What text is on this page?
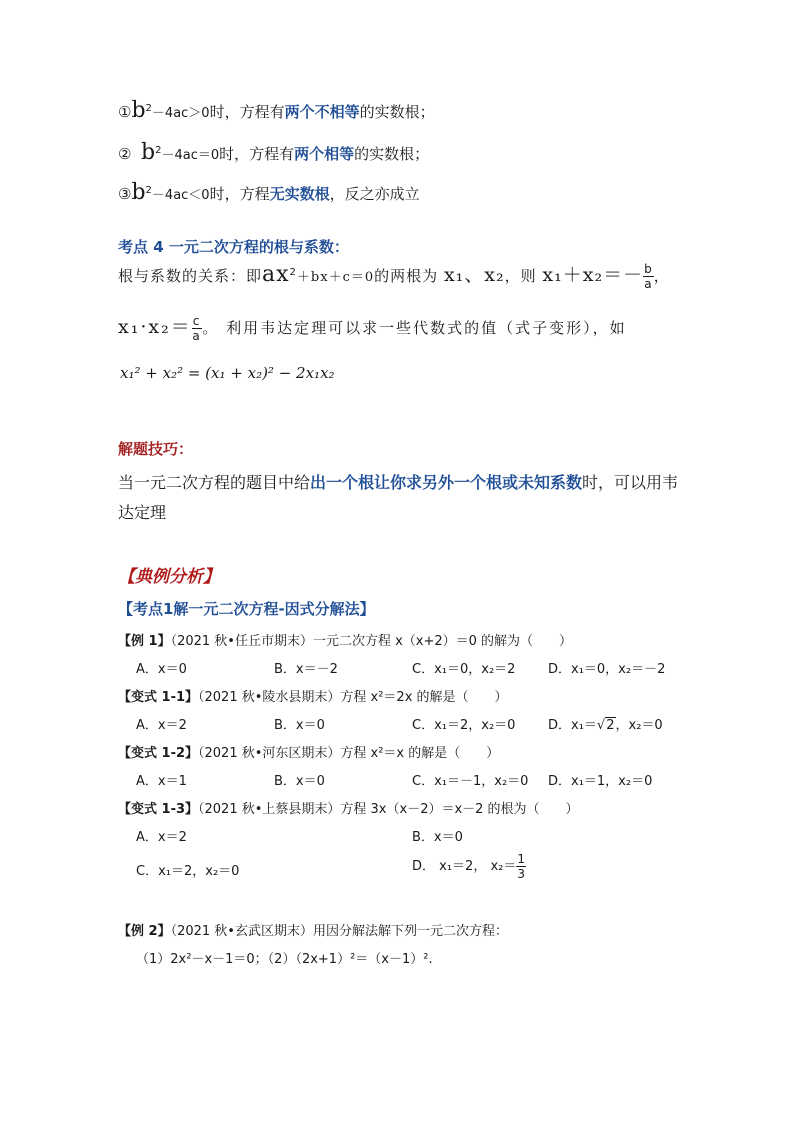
$①b^2-4ac>0$时，方程有两个不相等的实数根；
② $b^2-4ac=0$时，方程有两个相等的实数根；
$③b^2-4ac<0$时，方程无实数根，反之亦成立
考点 4 一元二次方程的根与系数：
根与系数的关系：即$ax^2+bx+c=0$的两根为 x₁、x₂，则 $x_1+x_2=- \frac{b}{a}$ ，
$x_1\cdot x_2= \frac{c}{a}$ 。 利用韦达定理可以求一些代数式的值（式子变形），如
x₁² + x₂² = (x₁ + x₂)² − 2x₁x₂
解题技巧：
当一元二次方程的题目中给出一个根让你求另外一个根或未知系数时，可以用韦
达定理
【典例分析】
【考点1解一元二次方程-因式分解法】
【例 1】（2021 秋•任丘市期末）一元二次方程 x（x+2）＝0 的解为（　　）
A．x＝0	B．x＝－2	C．x₁＝0，x₂＝2	D．x₁＝0，x₂＝－2
【变式 1-1】（2021 秋•陵水县期末）方程 x²＝2x 的解是（　　）
A．x＝2	B．x＝0	C．x₁＝2，x₂＝0	D．x₁＝√2，x₂＝0
【变式 1-2】（2021 秋•河东区期末）方程 x²＝x 的解是（　　）
A．x＝1	B．x＝0	C．x₁＝－1，x₂＝0 D．x₁＝1，x₂＝0
【变式 1-3】（2021 秋•上蔡县期末）方程 3x（x－2）＝x－2 的根为（　　）
A．x＝2	B．x＝0
C．x₁＝2，x₂＝0	D． x₁＝2， $x_2= \frac{1}{3}$
【例 2】（2021 秋•玄武区期末）用因分解法解下列一元二次方程：
（1）2x²－x－1＝0；（2）（2x+1）²＝（x－1）².
